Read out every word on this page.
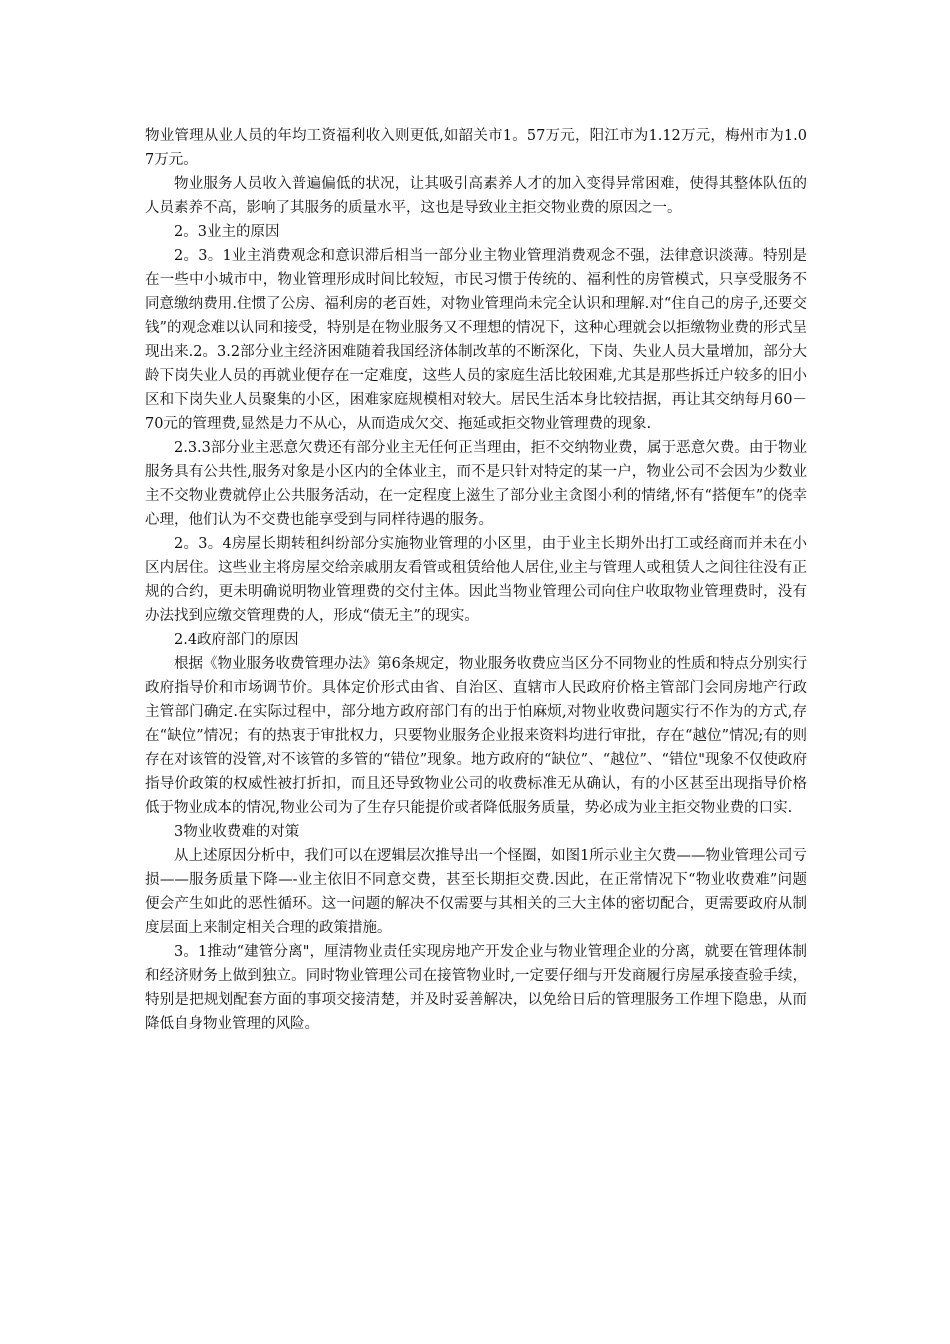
物业管理从业人员的年均工资福利收入则更低,如韶关市1。57万元，阳江市为1.12万元，梅州市为1.07万元。

物业服务人员收入普遍偏低的状况，让其吸引高素养人才的加入变得异常困难，使得其整体队伍的人员素养不高，影响了其服务的质量水平，这也是导致业主拒交物业费的原因之一。

2。3业主的原因

2。3。1业主消费观念和意识滞后相当一部分业主物业管理消费观念不强，法律意识淡薄。特别是在一些中小城市中，物业管理形成时间比较短，市民习惯于传统的、福利性的房管模式，只享受服务不同意缴纳费用.住惯了公房、福利房的老百姓，对物业管理尚未完全认识和理解.对“住自己的房子,还要交钱”的观念难以认同和接受，特别是在物业服务又不理想的情况下，这种心理就会以拒缴物业费的形式呈现出来.2。3.2部分业主经济困难随着我国经济体制改革的不断深化，下岗、失业人员大量增加，部分大龄下岗失业人员的再就业便存在一定难度，这些人员的家庭生活比较困难,尤其是那些拆迁户较多的旧小区和下岗失业人员聚集的小区，困难家庭规模相对较大。居民生活本身比较拮据，再让其交纳每月60－70元的管理费,显然是力不从心，从而造成欠交、拖延或拒交物业管理费的现象.

2.3.3部分业主恶意欠费还有部分业主无任何正当理由，拒不交纳物业费，属于恶意欠费。由于物业服务具有公共性,服务对象是小区内的全体业主，而不是只针对特定的某一户，物业公司不会因为少数业主不交物业费就停止公共服务活动，在一定程度上滋生了部分业主贪图小利的情绪,怀有“搭便车”的侥幸心理，他们认为不交费也能享受到与同样待遇的服务。

2。3。4房屋长期转租纠纷部分实施物业管理的小区里，由于业主长期外出打工或经商而并未在小区内居住。这些业主将房屋交给亲戚朋友看管或租赁给他人居住,业主与管理人或租赁人之间往往没有正规的合约，更未明确说明物业管理费的交付主体。因此当物业管理公司向住户收取物业管理费时，没有办法找到应缴交管理费的人，形成“债无主”的现实。

2.4政府部门的原因

根据《物业服务收费管理办法》第6条规定，物业服务收费应当区分不同物业的性质和特点分别实行政府指导价和市场调节价。具体定价形式由省、自治区、直辖市人民政府价格主管部门会同房地产行政主管部门确定.在实际过程中，部分地方政府部门有的出于怕麻烦,对物业收费问题实行不作为的方式,存在“缺位”情况；有的热衷于审批权力，只要物业服务企业报来资料均进行审批，存在“越位”情况;有的则存在对该管的没管,对不该管的多管的“错位”现象。地方政府的“缺位”、“越位”、“错位"现象不仅使政府指导价政策的权威性被打折扣，而且还导致物业公司的收费标准无从确认，有的小区甚至出现指导价格低于物业成本的情况,物业公司为了生存只能提价或者降低服务质量，势必成为业主拒交物业费的口实.

3物业收费难的对策

从上述原因分析中，我们可以在逻辑层次推导出一个怪圈，如图1所示业主欠费——物业管理公司亏损——服务质量下降—-业主依旧不同意交费，甚至长期拒交费.因此，在正常情况下“物业收费难”问题便会产生如此的恶性循环。这一问题的解决不仅需要与其相关的三大主体的密切配合，更需要政府从制度层面上来制定相关合理的政策措施。

3。1推动“建管分离"，厘清物业责任实现房地产开发企业与物业管理企业的分离，就要在管理体制和经济财务上做到独立。同时物业管理公司在接管物业时,一定要仔细与开发商履行房屋承接查验手续，特别是把规划配套方面的事项交接清楚，并及时妥善解决，以免给日后的管理服务工作埋下隐患，从而降低自身物业管理的风险。
